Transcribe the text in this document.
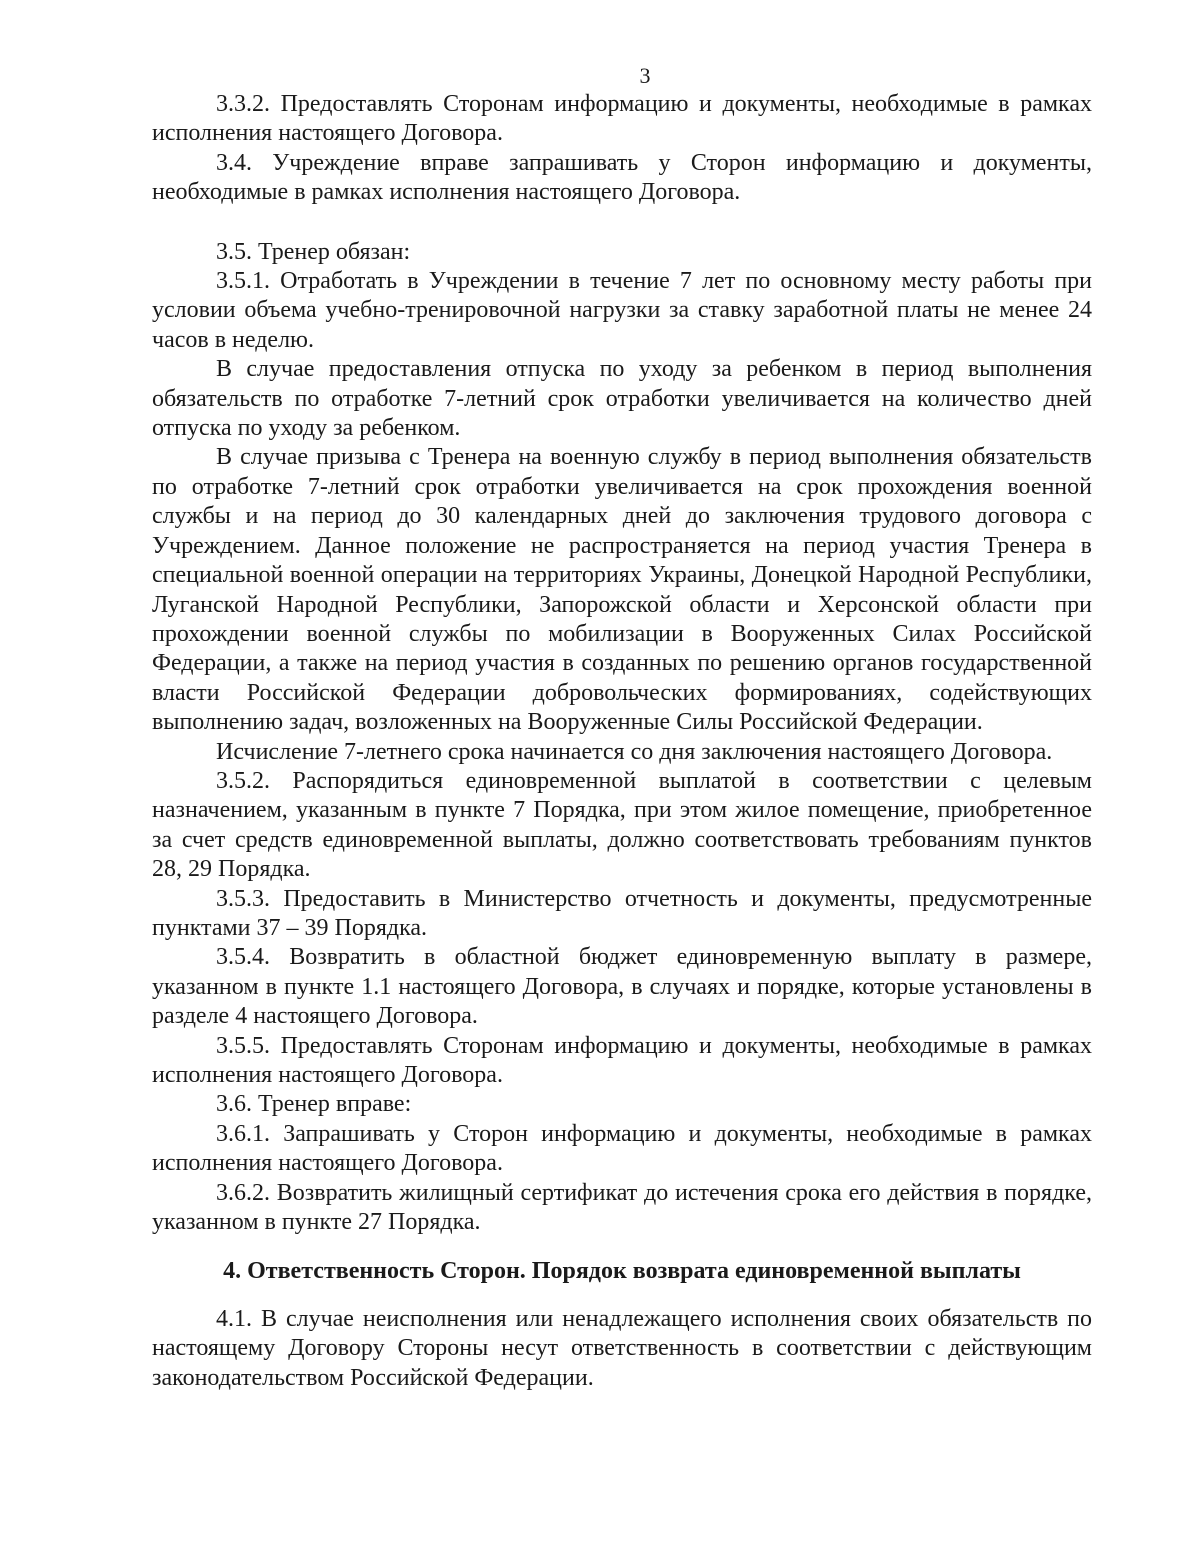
3

3.3.2. Предоставлять Сторонам информацию и документы, необходимые в рамках исполнения настоящего Договора.

3.4. Учреждение вправе запрашивать у Сторон информацию и документы, необходимые в рамках исполнения настоящего Договора.

3.5. Тренер обязан:

3.5.1. Отработать в Учреждении в течение 7 лет по основному месту работы при условии объема учебно-тренировочной нагрузки за ставку заработной платы не менее 24 часов в неделю.

В случае предоставления отпуска по уходу за ребенком в период выполнения обязательств по отработке 7-летний срок отработки увеличивается на количество дней отпуска по уходу за ребенком.

В случае призыва с Тренера на военную службу в период выполнения обязательств по отработке 7-летний срок отработки увеличивается на срок прохождения военной службы и на период до 30 календарных дней до заключения трудового договора с Учреждением. Данное положение не распространяется на период участия Тренера в специальной военной операции на территориях Украины, Донецкой Народной Республики, Луганской Народной Республики, Запорожской области и Херсонской области при прохождении военной службы по мобилизации в Вооруженных Силах Российской Федерации, а также на период участия в созданных по решению органов государственной власти Российской Федерации добровольческих формированиях, содействующих выполнению задач, возложенных на Вооруженные Силы Российской Федерации.

Исчисление 7-летнего срока начинается со дня заключения настоящего Договора.

3.5.2. Распорядиться единовременной выплатой в соответствии с целевым назначением, указанным в пункте 7 Порядка, при этом жилое помещение, приобретенное за счет средств единовременной выплаты, должно соответствовать требованиям пунктов 28, 29 Порядка.

3.5.3. Предоставить в Министерство отчетность и документы, предусмотренные пунктами 37 – 39 Порядка.

3.5.4. Возвратить в областной бюджет единовременную выплату в размере, указанном в пункте 1.1 настоящего Договора, в случаях и порядке, которые установлены в разделе 4 настоящего Договора.

3.5.5. Предоставлять Сторонам информацию и документы, необходимые в рамках исполнения настоящего Договора.

3.6. Тренер вправе:

3.6.1. Запрашивать у Сторон информацию и документы, необходимые в рамках исполнения настоящего Договора.

3.6.2. Возвратить жилищный сертификат до истечения срока его действия в порядке, указанном в пункте 27 Порядка.

4. Ответственность Сторон. Порядок возврата единовременной выплаты

4.1. В случае неисполнения или ненадлежащего исполнения своих обязательств по настоящему Договору Стороны несут ответственность в соответствии с действующим законодательством Российской Федерации.
